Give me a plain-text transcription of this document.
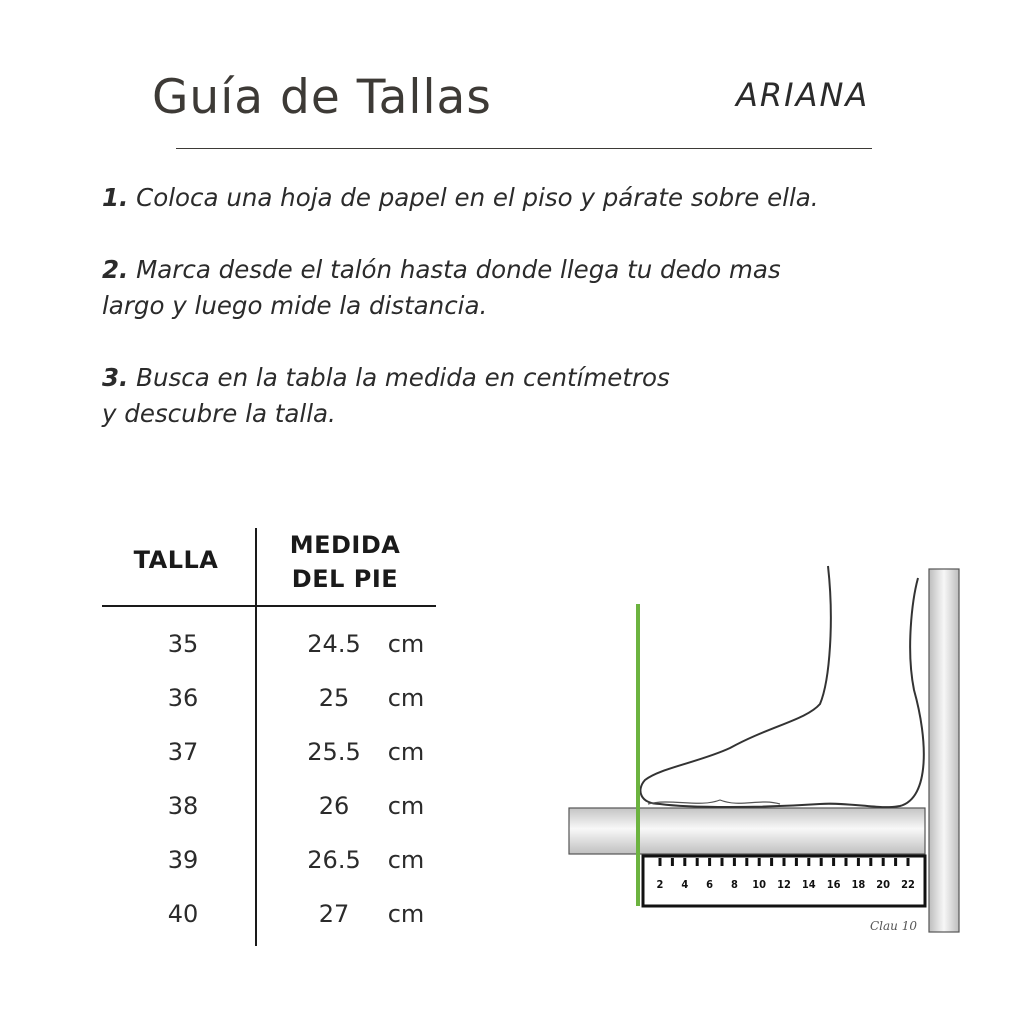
Guía de Tallas	ARIANA

1. Coloca una hoja de papel en el piso y párate sobre ella.

2. Marca desde el talón hasta donde llega tu dedo mas
largo y luego mide la distancia.

3. Busca en la tabla la medida en centímetros
y descubre la talla.

TALLA
MEDIDA
DEL PIE
35	24.5	cm
36	25	cm
37	25.5	cm
38	26	cm
39	26.5	cm
40	27	cm
2 4 6 8 10 12 14 16 18 20 22
Clau 10
